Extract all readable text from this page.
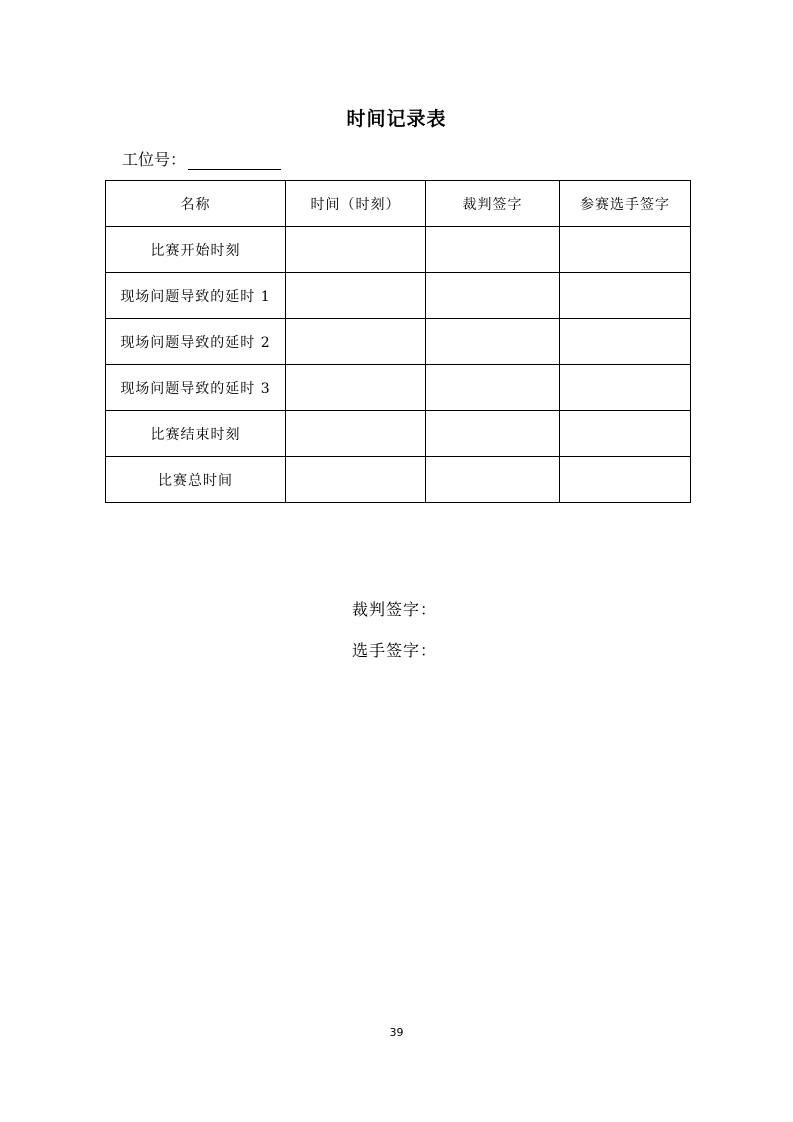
时间记录表
工位号：
名称	时间（时刻）	裁判签字	参赛选手签字
比赛开始时刻			
现场问题导致的延时 1			
现场问题导致的延时 2			
现场问题导致的延时 3			
比赛结束时刻			
比赛总时间			
裁判签字：
选手签字：
39
